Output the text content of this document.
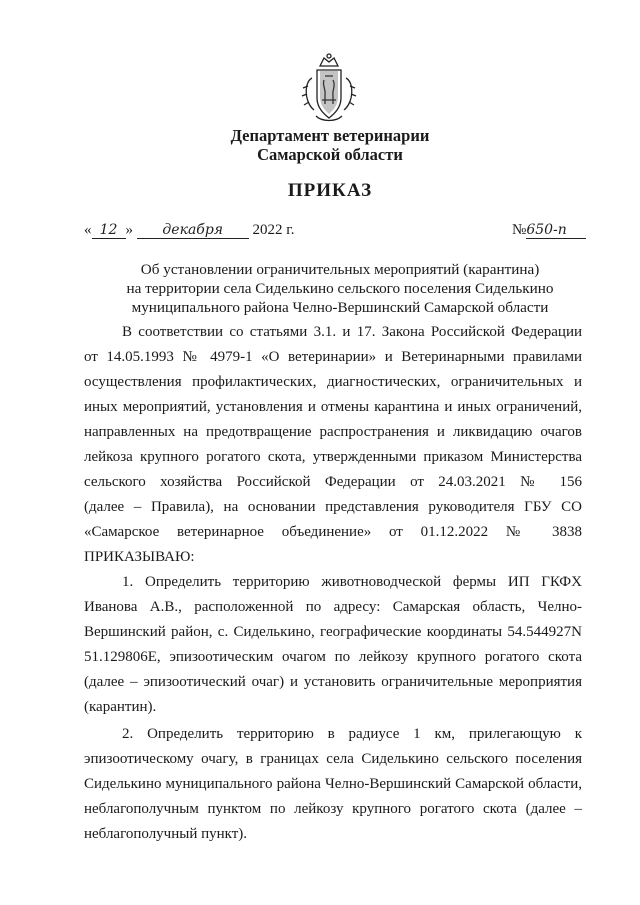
Департамент ветеринарии
Самарской области
ПРИКАЗ
« 12 » декабря 2022 г.	№650-п
Об установлении ограничительных мероприятий (карантина)
на территории села Сиделькино сельского поселения Сиделькино
муниципального района Челно-Вершинский Самарской области
В соответствии со статьями 3.1. и 17. Закона Российской Федерации
от 14.05.1993 № 4979-1 «О ветеринарии» и Ветеринарными правилами
осуществления профилактических, диагностических, ограничительных и
иных мероприятий, установления и отмены карантина и иных ограничений,
направленных на предотвращение распространения и ликвидацию очагов
лейкоза крупного рогатого скота, утвержденными приказом Министерства
сельского хозяйства Российской Федерации от 24.03.2021 № 156
(далее – Правила), на основании представления руководителя ГБУ СО
«Самарское ветеринарное объединение» от 01.12.2022 № 3838
ПРИКАЗЫВАЮ:
1. Определить территорию животноводческой фермы ИП ГКФХ
Иванова А.В., расположенной по адресу: Самарская область, Челно-
Вершинский район, с. Сиделькино, географические координаты 54.544927N
51.129806E, эпизоотическим очагом по лейкозу крупного рогатого скота
(далее – эпизоотический очаг) и установить ограничительные мероприятия
(карантин).
2. Определить территорию в радиусе 1 км, прилегающую к
эпизоотическому очагу, в границах села Сиделькино сельского поселения
Сиделькино муниципального района Челно-Вершинский Самарской области,
неблагополучным пунктом по лейкозу крупного рогатого скота (далее –
неблагополучный пункт).
